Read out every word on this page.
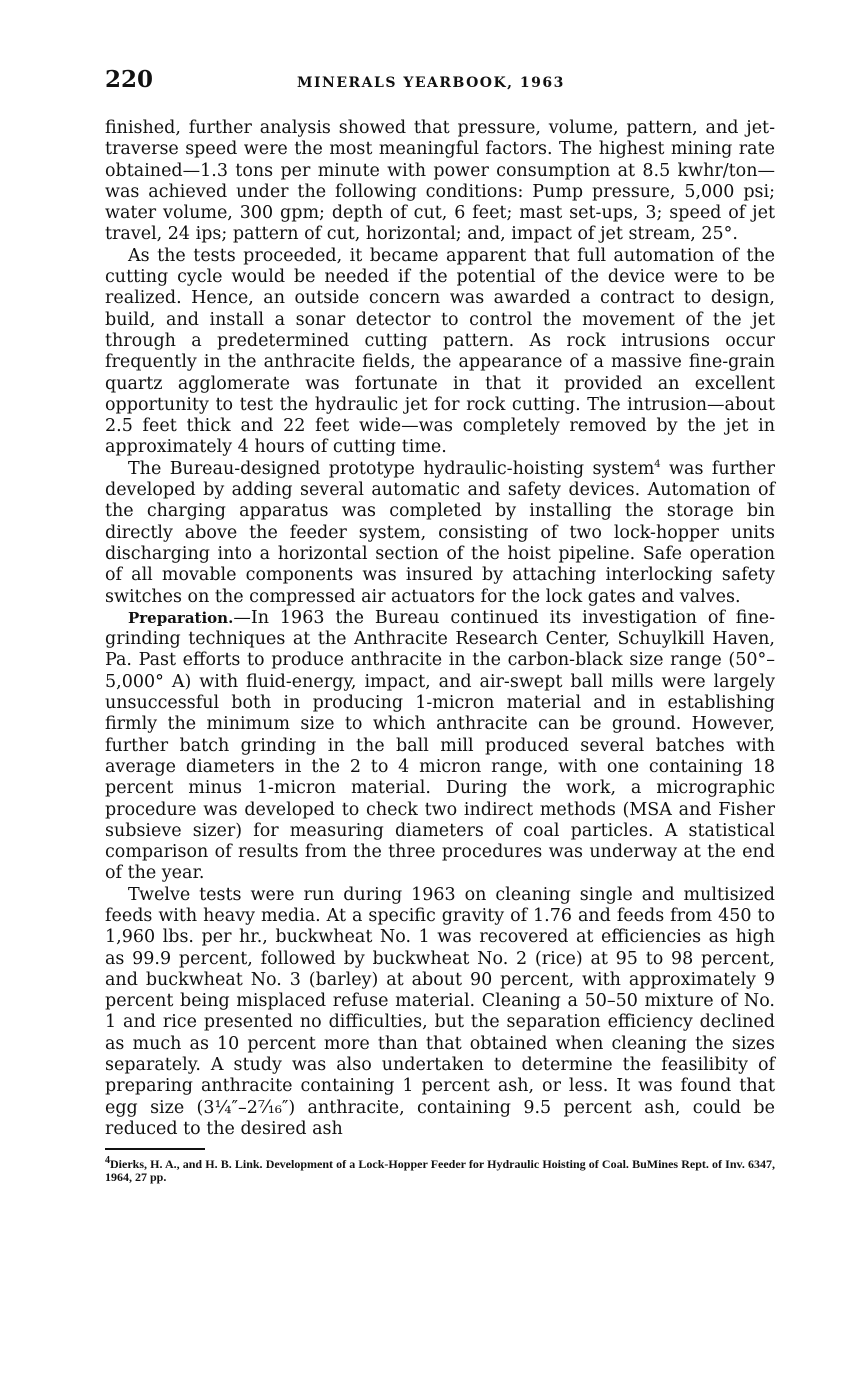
220	MINERALS YEARBOOK, 1963

finished, further analysis showed that pressure, volume, pattern, and jet-traverse speed were the most meaningful factors. The highest mining rate obtained—1.3 tons per minute with power consumption at 8.5 kwhr/ton—was achieved under the following conditions: Pump pressure, 5,000 psi; water volume, 300 gpm; depth of cut, 6 feet; mast set-ups, 3; speed of jet travel, 24 ips; pattern of cut, horizontal; and, impact of jet stream, 25°.

As the tests proceeded, it became apparent that full automation of the cutting cycle would be needed if the potential of the device were to be realized. Hence, an outside concern was awarded a contract to design, build, and install a sonar detector to control the movement of the jet through a predetermined cutting pattern. As rock intrusions occur frequently in the anthracite fields, the appearance of a massive fine-grain quartz agglomerate was fortunate in that it provided an excellent opportunity to test the hydraulic jet for rock cutting. The intrusion—about 2.5 feet thick and 22 feet wide—was completely removed by the jet in approximately 4 hours of cutting time.

The Bureau-designed prototype hydraulic-hoisting system$^4$ was further developed by adding several automatic and safety devices. Automation of the charging apparatus was completed by installing the storage bin directly above the feeder system, consisting of two lock-hopper units discharging into a horizontal section of the hoist pipeline. Safe operation of all movable components was insured by attaching interlocking safety switches on the compressed air actuators for the lock gates and valves.

Preparation.—In 1963 the Bureau continued its investigation of fine-grinding techniques at the Anthracite Research Center, Schuylkill Haven, Pa. Past efforts to produce anthracite in the carbon-black size range (50°–5,000° A) with fluid-energy, impact, and air-swept ball mills were largely unsuccessful both in producing 1-micron material and in establishing firmly the minimum size to which anthracite can be ground. However, further batch grinding in the ball mill produced several batches with average diameters in the 2 to 4 micron range, with one containing 18 percent minus 1-micron material. During the work, a micrographic procedure was developed to check two indirect methods (MSA and Fisher subsieve sizer) for measuring diameters of coal particles. A statistical comparison of results from the three procedures was underway at the end of the year.

Twelve tests were run during 1963 on cleaning single and multisized feeds with heavy media. At a specific gravity of 1.76 and feeds from 450 to 1,960 lbs. per hr., buckwheat No. 1 was recovered at efficiencies as high as 99.9 percent, followed by buckwheat No. 2 (rice) at 95 to 98 percent, and buckwheat No. 3 (barley) at about 90 percent, with approximately 9 percent being misplaced refuse material. Cleaning a 50–50 mixture of No. 1 and rice presented no difficulties, but the separation efficiency declined as much as 10 percent more than that obtained when cleaning the sizes separately. A study was also undertaken to determine the feasilibity of preparing anthracite containing 1 percent ash, or less. It was found that egg size (3¼″–2⁷⁄₁₆″) anthracite, containing 9.5 percent ash, could be reduced to the desired ash

$^4$Dierks, H. A., and H. B. Link. Development of a Lock-Hopper Feeder for Hydraulic Hoisting of Coal. BuMines Rept. of Inv. 6347, 1964, 27 pp.
